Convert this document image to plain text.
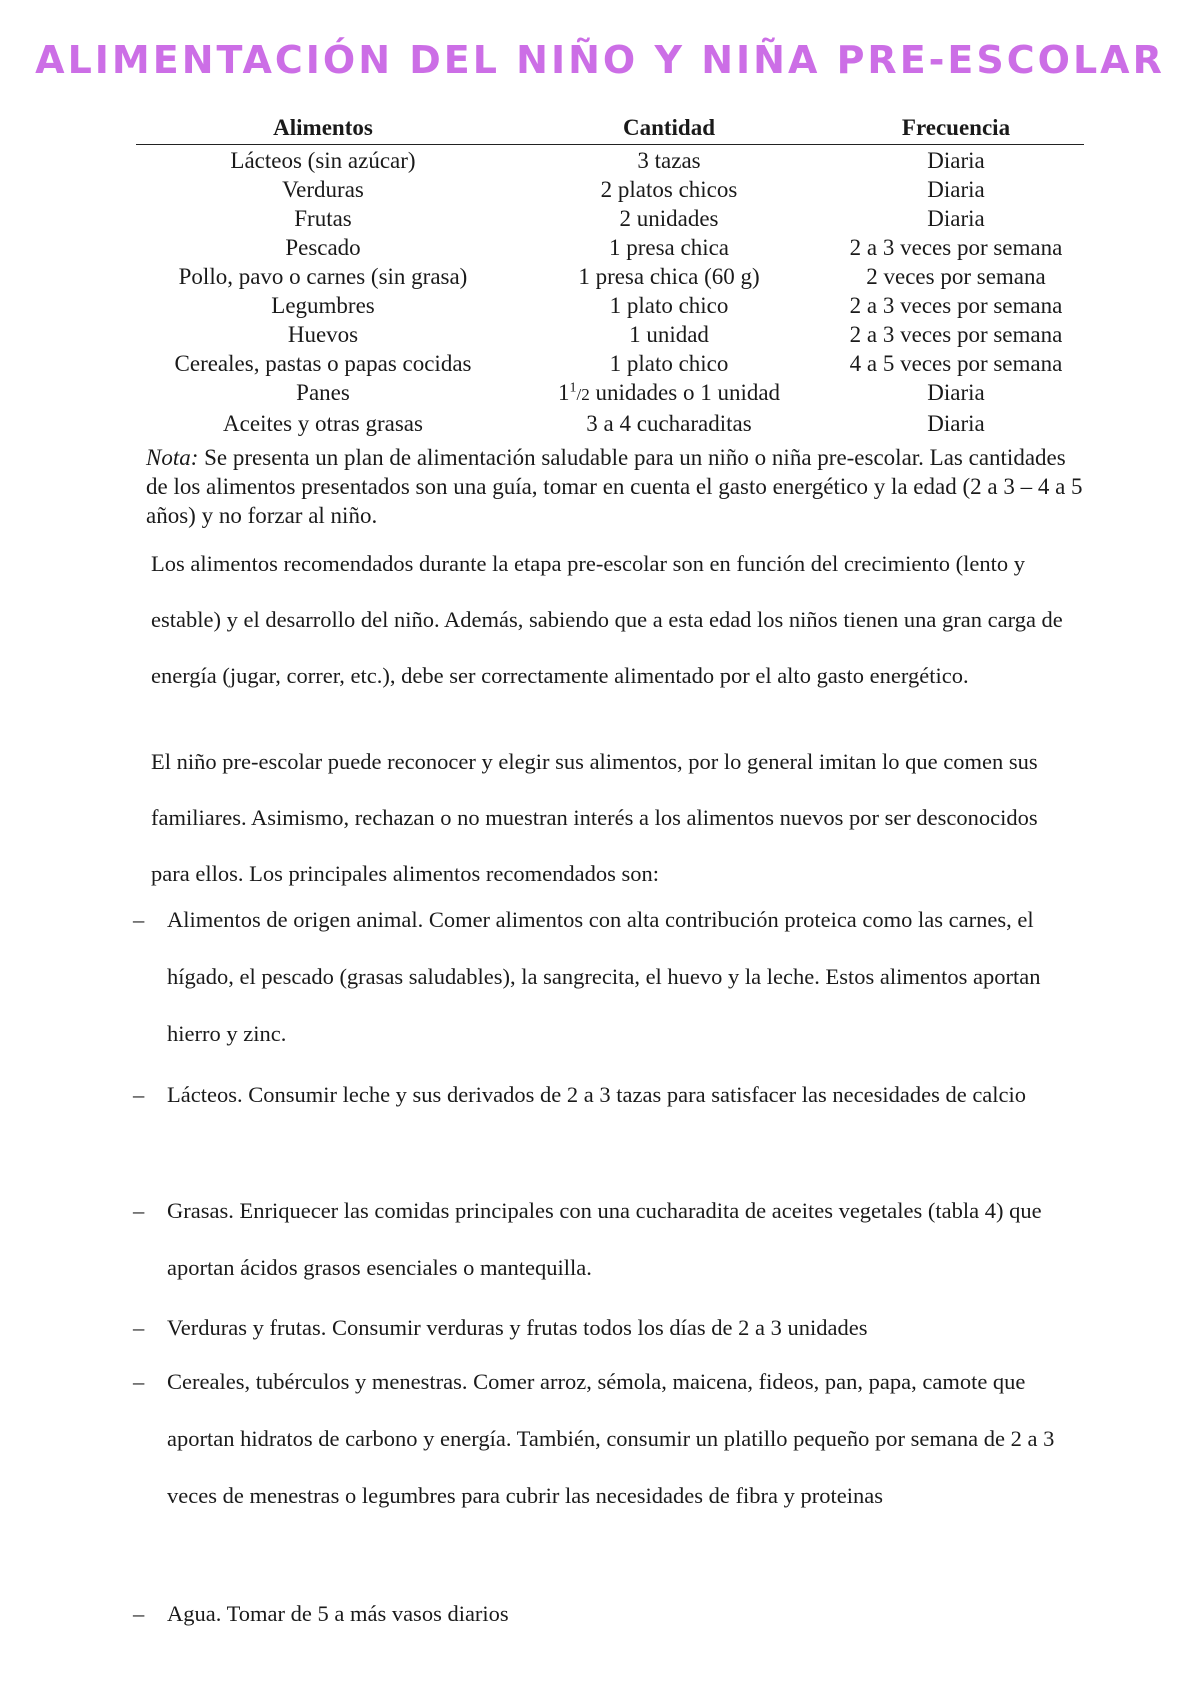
ALIMENTACIÓN DEL NIÑO Y NIÑA PRE-ESCOLAR
Alimentos	Cantidad	Frecuencia
Lácteos (sin azúcar)	3 tazas	Diaria
Verduras	2 platos chicos	Diaria
Frutas	2 unidades	Diaria
Pescado	1 presa chica	2 a 3 veces por semana
Pollo, pavo o carnes (sin grasa)	1 presa chica (60 g)	2 veces por semana
Legumbres	1 plato chico	2 a 3 veces por semana
Huevos	1 unidad	2 a 3 veces por semana
Cereales, pastas o papas cocidas	1 plato chico	4 a 5 veces por semana
Panes	$1^1/2$ unidades o 1 unidad	Diaria
Aceites y otras grasas	3 a 4 cucharaditas	Diaria

Nota: Se presenta un plan de alimentación saludable para un niño o niña pre-escolar. Las cantidades de los alimentos presentados son una guía, tomar en cuenta el gasto energético y la edad (2 a 3 – 4 a 5 años) y no forzar al niño.

Los alimentos recomendados durante la etapa pre-escolar son en función del crecimiento (lento y estable) y el desarrollo del niño. Además, sabiendo que a esta edad los niños tienen una gran carga de energía (jugar, correr, etc.), debe ser correctamente alimentado por el alto gasto energético.

El niño pre-escolar puede reconocer y elegir sus alimentos, por lo general imitan lo que comen sus familiares. Asimismo, rechazan o no muestran interés a los alimentos nuevos por ser desconocidos para ellos. Los principales alimentos recomendados son:

–	Alimentos de origen animal. Comer alimentos con alta contribución proteica como las carnes, el hígado, el pescado (grasas saludables), la sangrecita, el huevo y la leche. Estos alimentos aportan hierro y zinc.
–	Lácteos. Consumir leche y sus derivados de 2 a 3 tazas para satisfacer las necesidades de calcio
–	Grasas. Enriquecer las comidas principales con una cucharadita de aceites vegetales (tabla 4) que aportan ácidos grasos esenciales o mantequilla.
–	Verduras y frutas. Consumir verduras y frutas todos los días de 2 a 3 unidades
–	Cereales, tubérculos y menestras. Comer arroz, sémola, maicena, fideos, pan, papa, camote que aportan hidratos de carbono y energía. También, consumir un platillo pequeño por semana de 2 a 3 veces de menestras o legumbres para cubrir las necesidades de fibra y proteinas
–	Agua. Tomar de 5 a más vasos diarios
